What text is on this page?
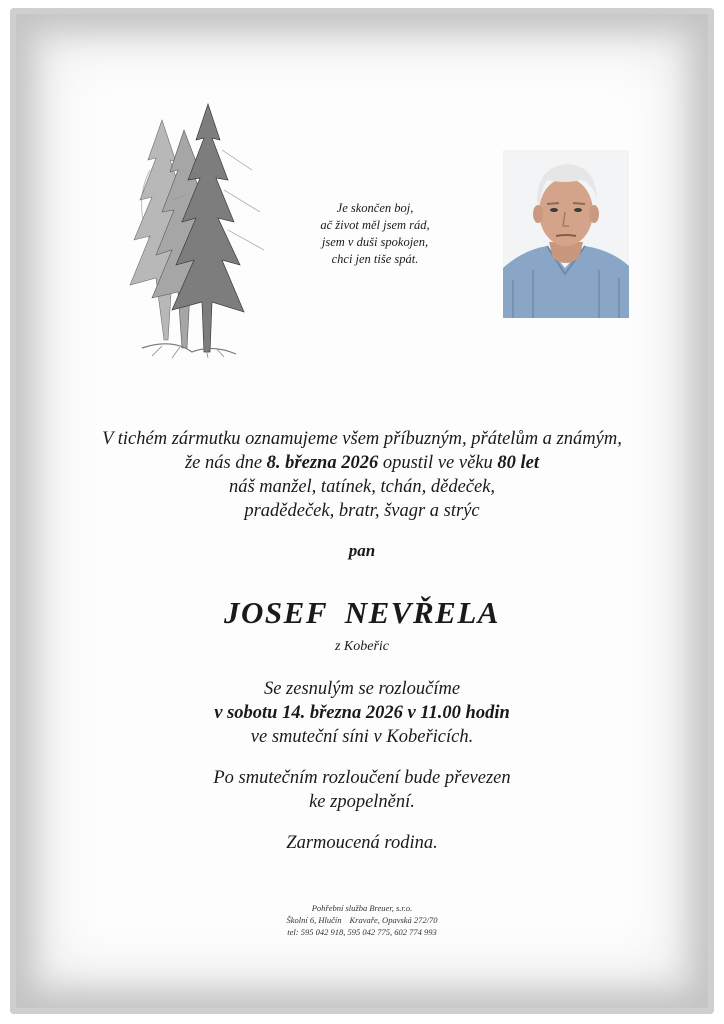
Je skončen boj,
ač život měl jsem rád,
jsem v duši spokojen,
chci jen tiše spát.
V tichém zármutku oznamujeme všem příbuzným, přátelům a známým,
že nás dne 8. března 2026 opustil ve věku 80 let
náš manžel, tatínek, tchán, dědeček,
pradědeček, bratr, švagr a strýc
pan
JOSEF NEVŘELA
z Kobeřic
Se zesnulým se rozloučíme
v sobotu 14. března 2026 v 11.00 hodin
ve smuteční síni v Kobeřicích.
Po smutečním rozloučení bude převezen
ke zpopelnění.
Zarmoucená rodina.
Pohřební služba Breuer, s.r.o.
Školní 6, Hlučín Kravaře, Opavská 272/70
tel: 595 042 918, 595 042 775, 602 774 993
